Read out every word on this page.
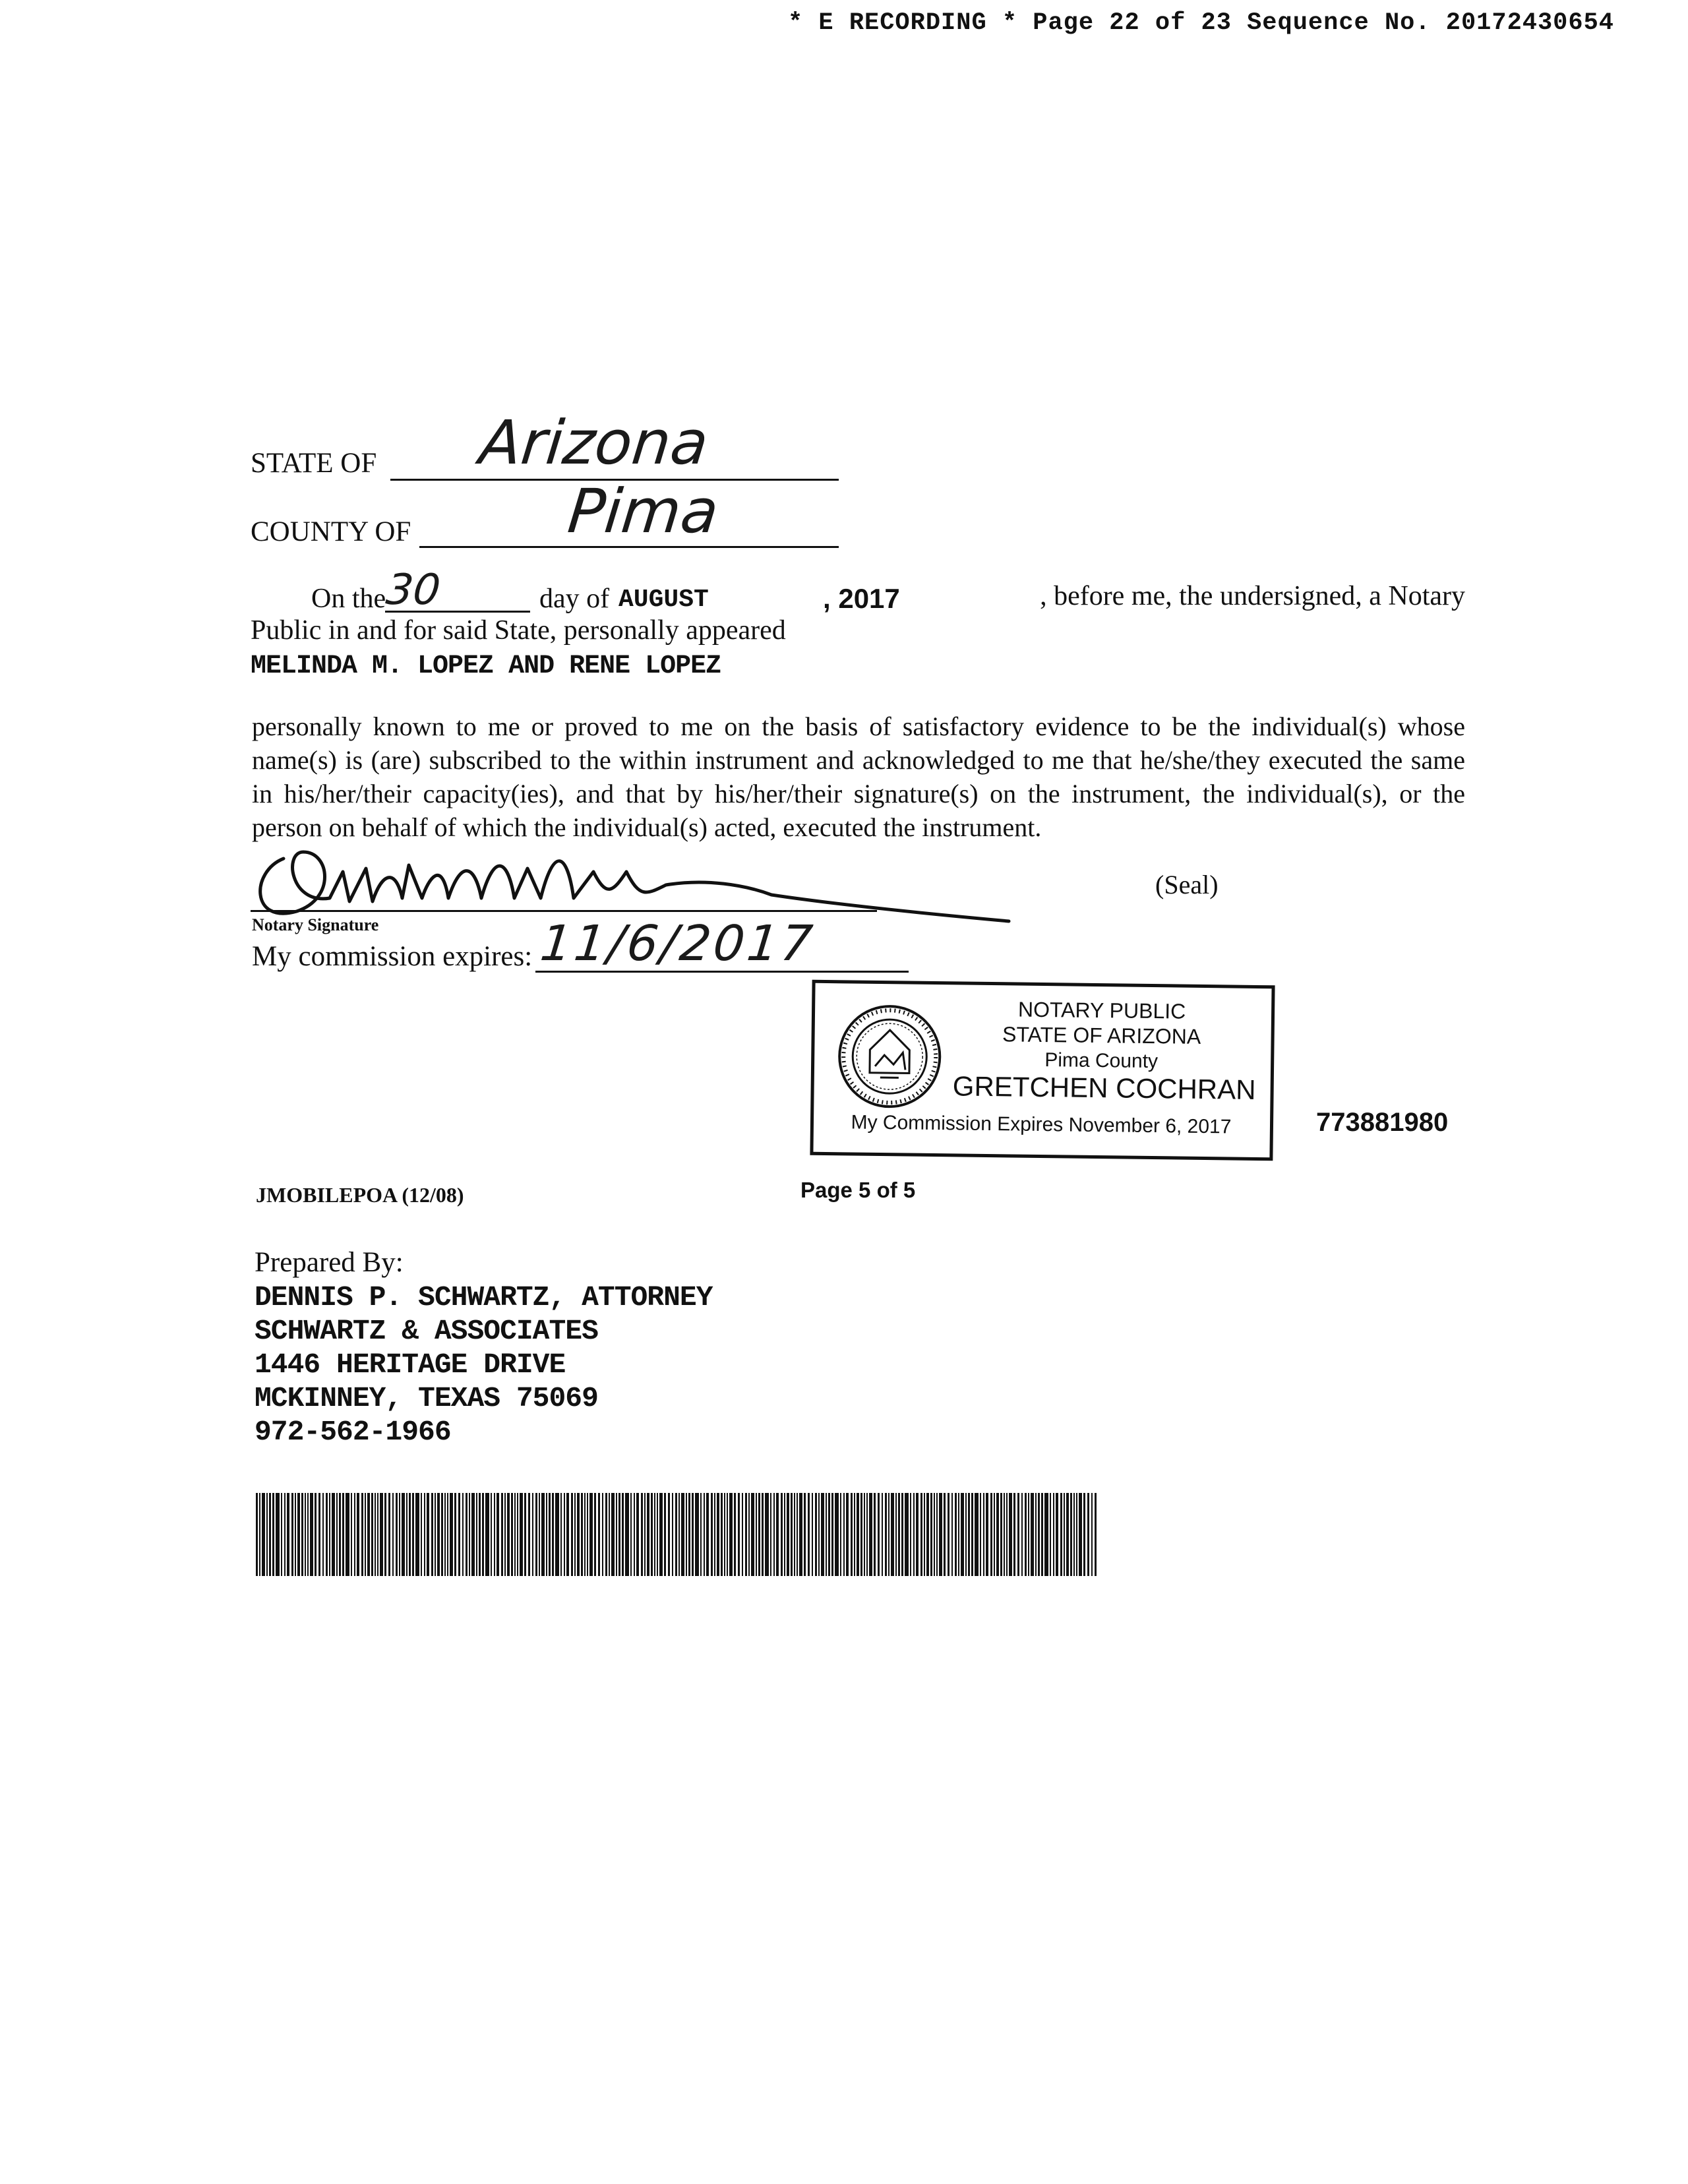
* E RECORDING * Page 22 of 23 Sequence No. 20172430654
STATE OF Arizona
COUNTY OF	Pima
On the
30	day of AUGUST	, 2017	, before me, the undersigned, a Notary
Public in and for said State, personally appeared
MELINDA M. LOPEZ AND RENE LOPEZ
personally known to me or proved to me on the basis of satisfactory evidence to be the individual(s) whose name(s) is (are) subscribed to the within instrument and acknowledged to me that he/she/they executed the same in his/her/their capacity(ies), and that by his/her/their signature(s) on the instrument, the individual(s), or the person on behalf of which the individual(s) acted, executed the instrument.
(Seal)
Notary Signature
My commission expires: 11/6/2017
NOTARY PUBLIC
STATE OF ARIZONA
Pima County
GRETCHEN COCHRAN
My Commission Expires November 6, 2017	773881980
JMOBILEPOA (12/08)	Page 5 of 5
Prepared By:
DENNIS P. SCHWARTZ, ATTORNEY
SCHWARTZ & ASSOCIATES
1446 HERITAGE DRIVE
MCKINNEY, TEXAS 75069
972-562-1966
